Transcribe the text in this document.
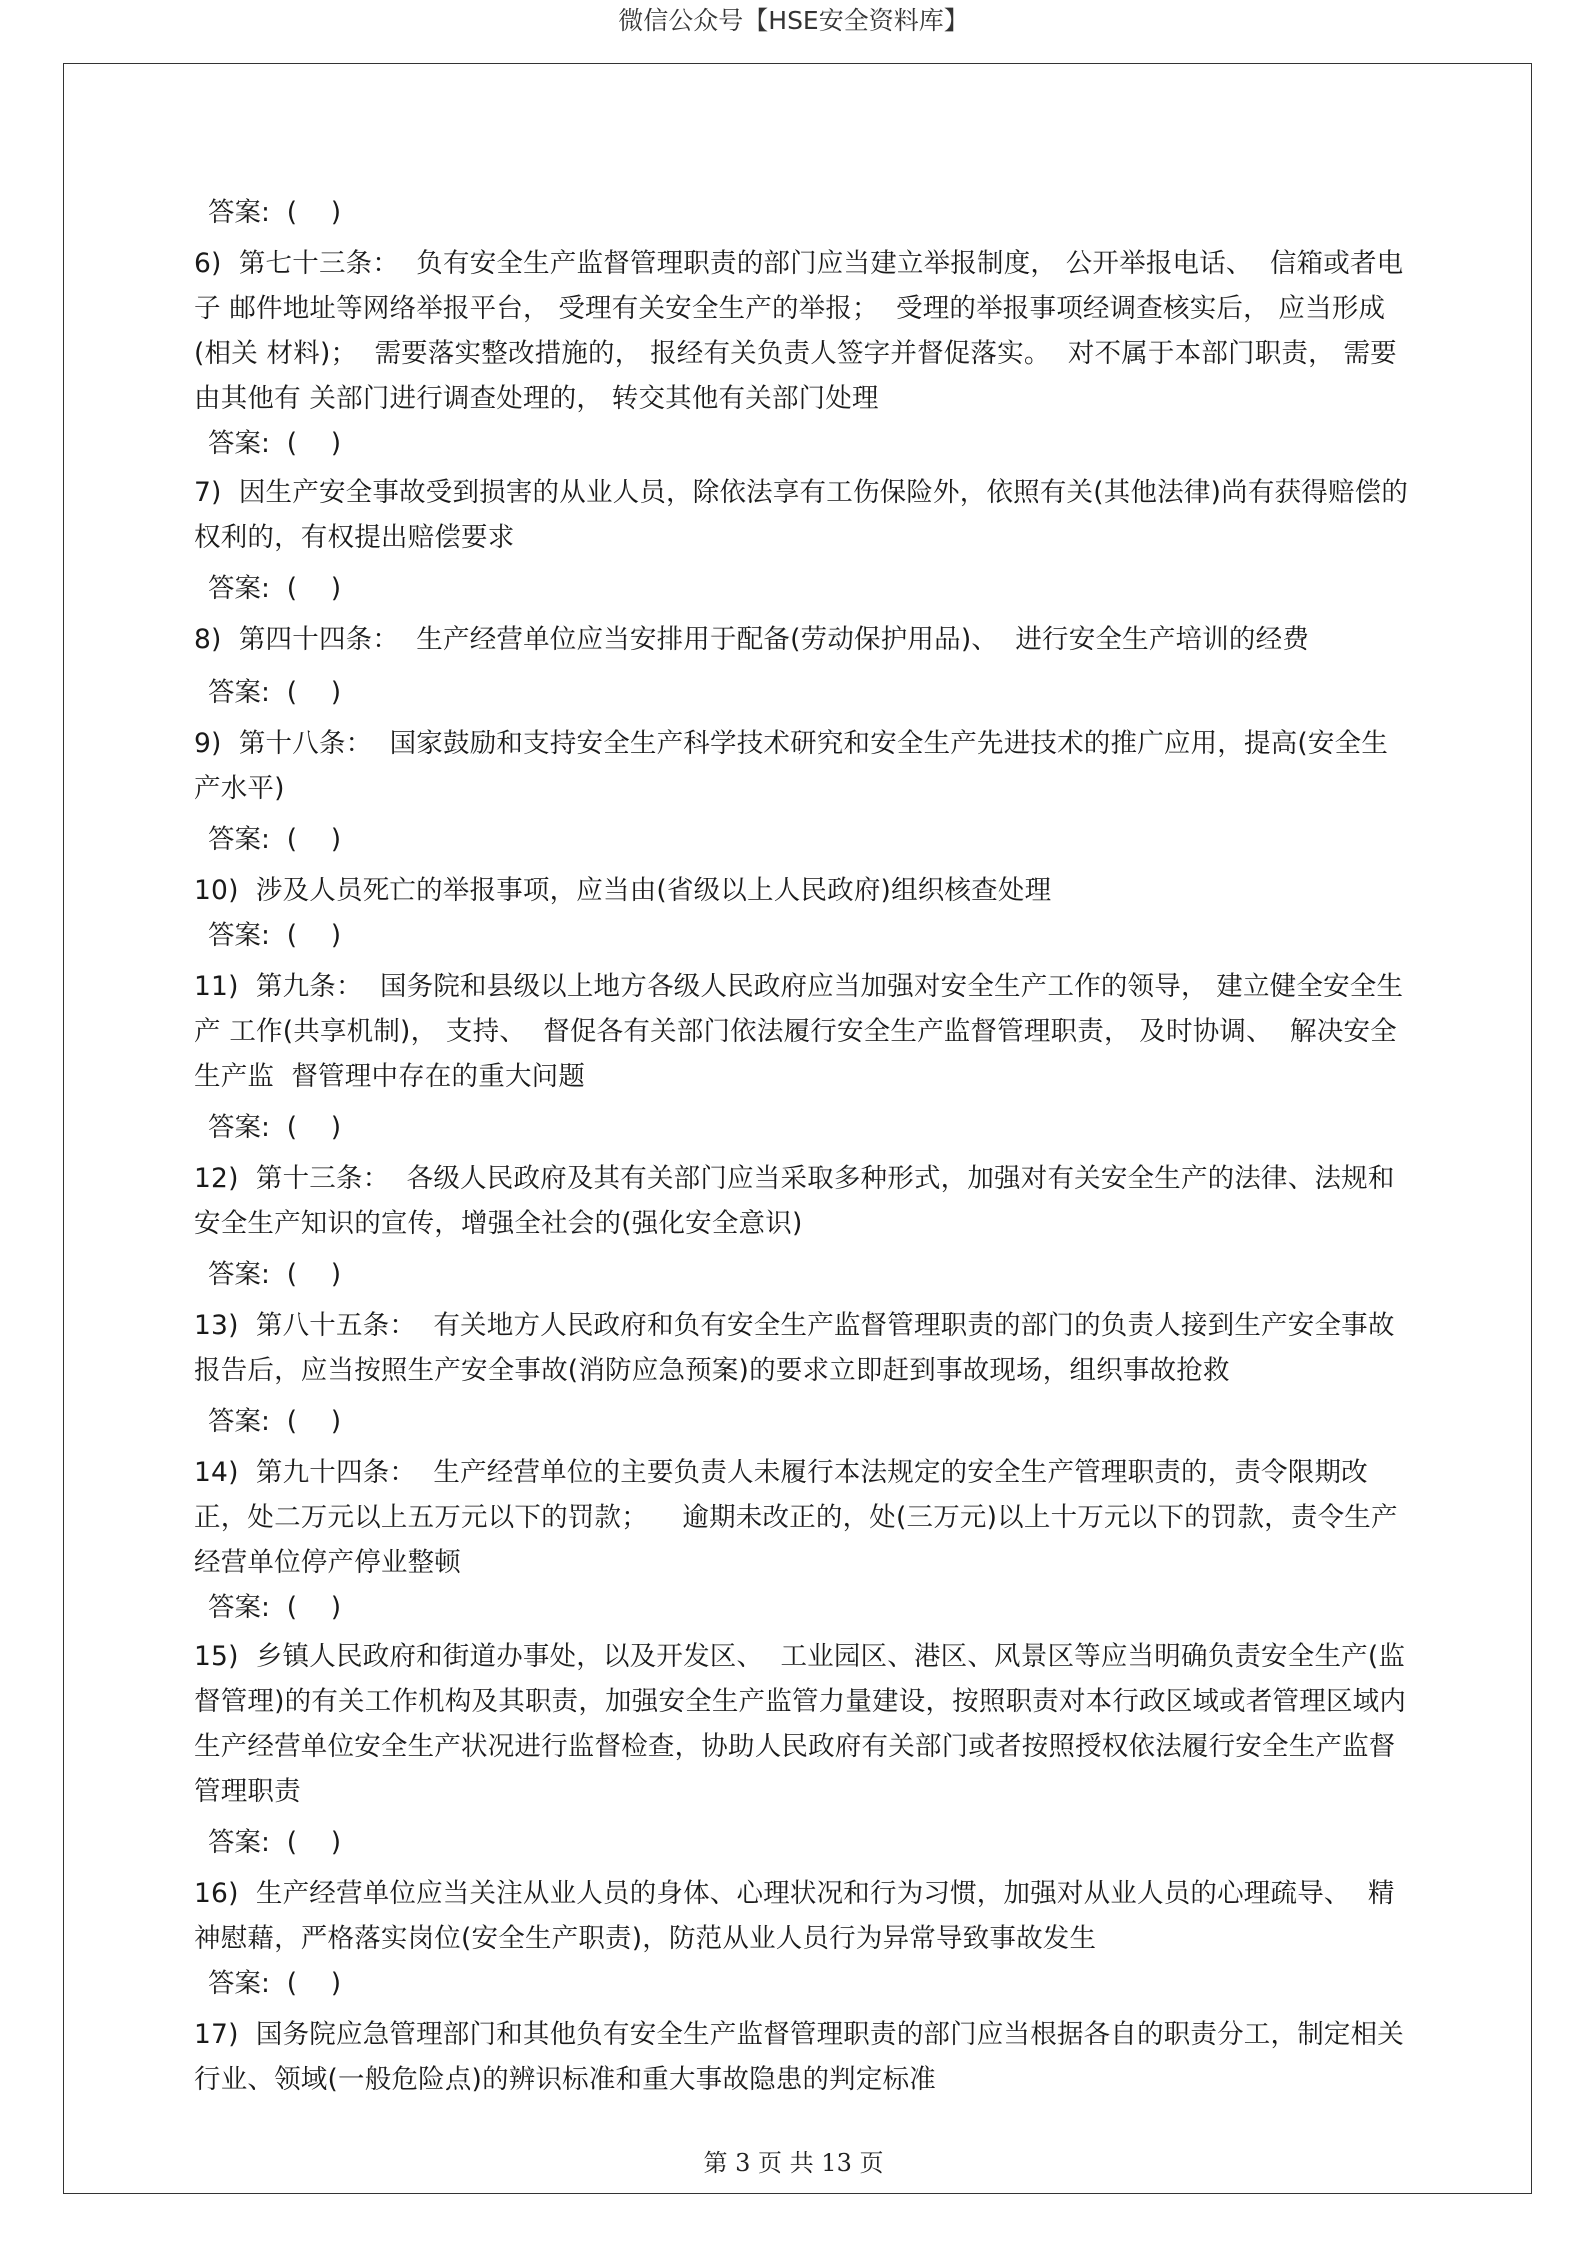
微信公众号【HSE安全资料库】

答案:  (    )

6)  第七十三条：  负有安全生产监督管理职责的部门应当建立举报制度， 公开举报电话、  信箱或者电子 邮件地址等网络举报平台， 受理有关安全生产的举报；  受理的举报事项经调查核实后， 应当形成(相关 材料)；  需要落实整改措施的， 报经有关负责人签字并督促落实。  对不属于本部门职责， 需要由其他有 关部门进行调查处理的， 转交其他有关部门处理

答案:  (    )

7)  因生产安全事故受到损害的从业人员，除依法享有工伤保险外，依照有关(其他法律)尚有获得赔偿的权利的，有权提出赔偿要求

答案:  (    )

8)  第四十四条：  生产经营单位应当安排用于配备(劳动保护用品)、  进行安全生产培训的经费

答案:  (    )

9)  第十八条：  国家鼓励和支持安全生产科学技术研究和安全生产先进技术的推广应用，提高(安全生产水平)

答案:  (    )

10)  涉及人员死亡的举报事项，应当由(省级以上人民政府)组织核查处理

答案:  (    )

11)  第九条：  国务院和县级以上地方各级人民政府应当加强对安全生产工作的领导， 建立健全安全生产 工作(共享机制)， 支持、  督促各有关部门依法履行安全生产监督管理职责， 及时协调、  解决安全生产监  督管理中存在的重大问题

答案:  (    )

12)  第十三条：  各级人民政府及其有关部门应当采取多种形式，加强对有关安全生产的法律、法规和安全生产知识的宣传，增强全社会的(强化安全意识)

答案:  (    )

13)  第八十五条：  有关地方人民政府和负有安全生产监督管理职责的部门的负责人接到生产安全事故报告后，应当按照生产安全事故(消防应急预案)的要求立即赶到事故现场，组织事故抢救

答案:  (    )

14)  第九十四条：  生产经营单位的主要负责人未履行本法规定的安全生产管理职责的，责令限期改正，处二万元以上五万元以下的罚款；    逾期未改正的，处(三万元)以上十万元以下的罚款，责令生产经营单位停产停业整顿

答案:  (    )

15)  乡镇人民政府和街道办事处，以及开发区、  工业园区、港区、风景区等应当明确负责安全生产(监督管理)的有关工作机构及其职责，加强安全生产监管力量建设，按照职责对本行政区域或者管理区域内生产经营单位安全生产状况进行监督检查，协助人民政府有关部门或者按照授权依法履行安全生产监督管理职责

答案:  (    )

16)  生产经营单位应当关注从业人员的身体、心理状况和行为习惯，加强对从业人员的心理疏导、  精神慰藉，严格落实岗位(安全生产职责)，防范从业人员行为异常导致事故发生

答案:  (    )

17)  国务院应急管理部门和其他负有安全生产监督管理职责的部门应当根据各自的职责分工，制定相关行业、领域(一般危险点)的辨识标准和重大事故隐患的判定标准

第 3 页 共 13 页
